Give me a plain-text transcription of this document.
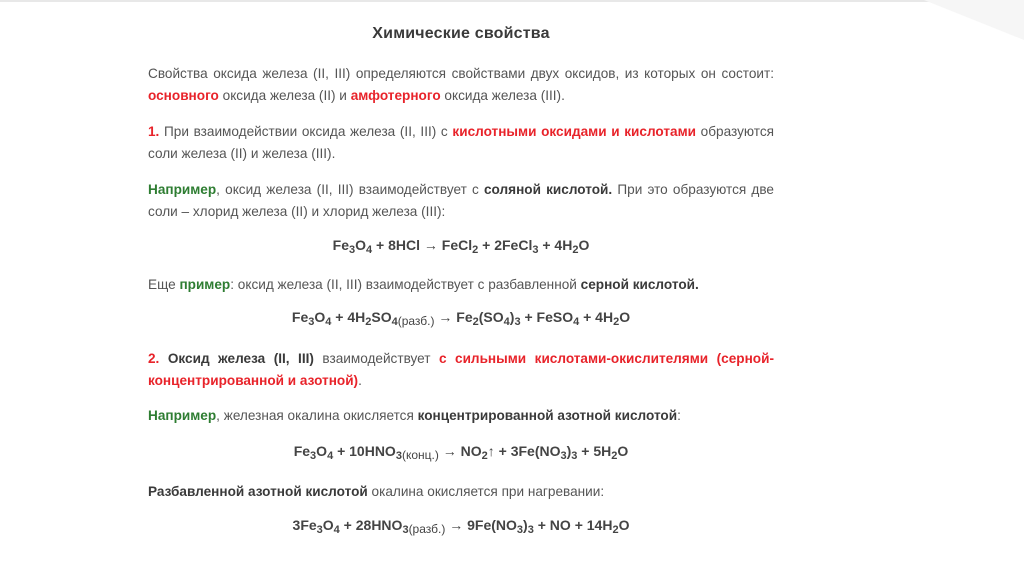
Химические свойства

Свойства оксида железа (II, III) определяются свойствами двух оксидов, из которых он состоит: основного оксида железа (II) и амфотерного оксида железа (III).

1. При взаимодействии оксида железа (II, III) с кислотными оксидами и кислотами образуются соли железа (II) и железа (III).

Например, оксид железа (II, III) взаимодействует с соляной кислотой. При это образуются две соли – хлорид железа (II) и хлорид железа (III):

$Fe_3O_4 + 8HCl$ → FeCl$_2$ + 2FeCl$_3$ + $4H_2O$

Еще пример: оксид железа (II, III) взаимодействует с разбавленной серной кислотой.

$Fe_3O_4$ + $4H_2SO_4(разб.) \to Fe_2(SO_4)_3$ + FeSO$_4$ + $4H_2O$

2. Оксид железа (II, III) взаимодействует с сильными кислотами-окислителями (серной-концентрированной и азотной).

Например, железная окалина окисляется концентрированной азотной кислотой:

$Fe_3O_4$ + $10HNO_3(конц.)$ → $NO_2↑ + 3Fe(NO_3)_3 + 5H_2O$

Разбавленной азотной кислотой окалина окисляется при нагревании:

$3Fe_3O_4$ + $28HNO_3(разб.) \to 9Fe(NO_3)_3$ + NO + $14H_2O$
